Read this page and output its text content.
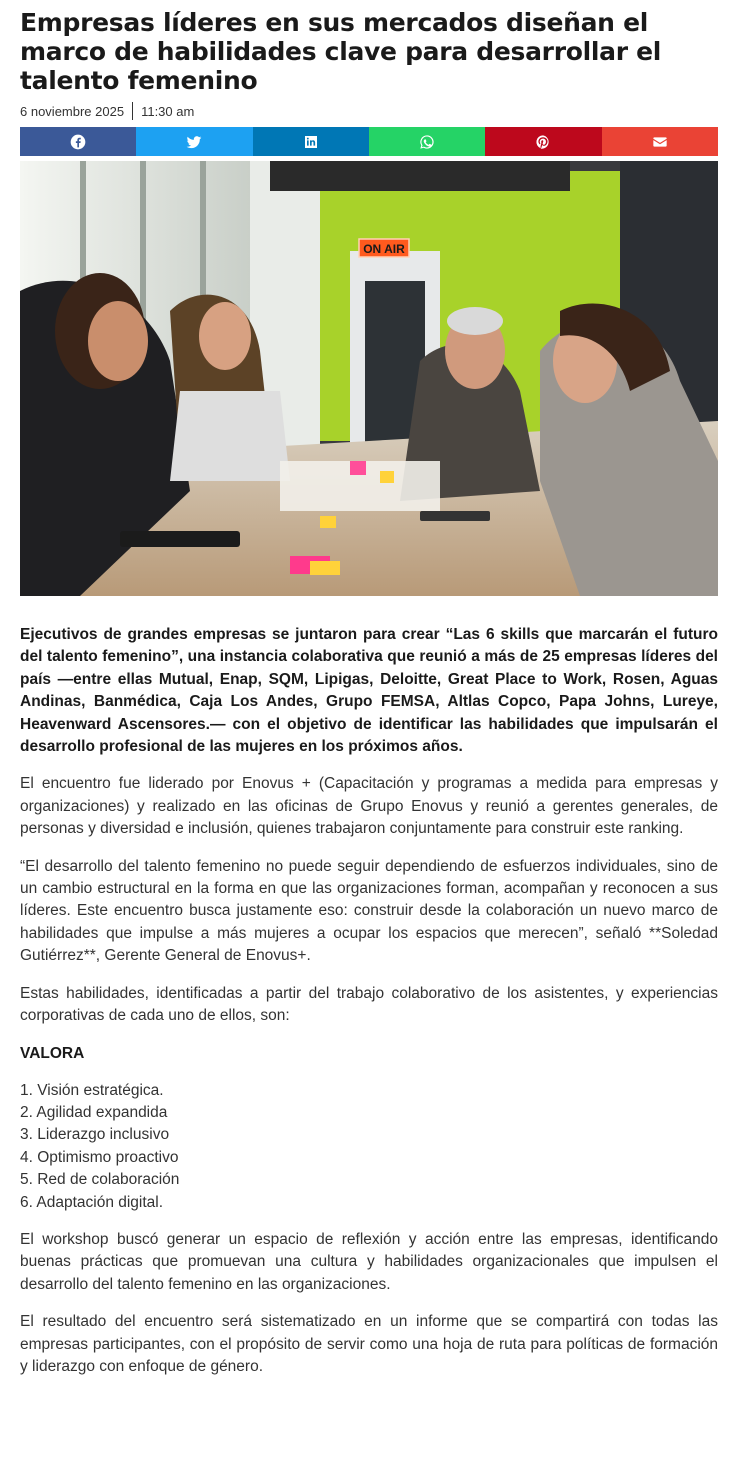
Empresas líderes en sus mercados diseñan el marco de habilidades clave para desarrollar el talento femenino
6 noviembre 2025 11:30 am
ON AIR

Ejecutivos de grandes empresas se juntaron para crear “Las 6 skills que marcarán el futuro del talento femenino”, una instancia colaborativa que reunió a más de 25 empresas líderes del país —entre ellas Mutual, Enap, SQM, Lipigas, Deloitte, Great Place to Work, Rosen, Aguas Andinas, Banmédica, Caja Los Andes, Grupo FEMSA, Altlas Copco, Papa Johns, Lureye, Heavenward Ascensores.— con el objetivo de identificar las habilidades que impulsarán el desarrollo profesional de las mujeres en los próximos años.

El encuentro fue liderado por Enovus + (Capacitación y programas a medida para empresas y organizaciones) y realizado en las oficinas de Grupo Enovus y reunió a gerentes generales, de personas y diversidad e inclusión, quienes trabajaron conjuntamente para construir este ranking.

“El desarrollo del talento femenino no puede seguir dependiendo de esfuerzos individuales, sino de un cambio estructural en la forma en que las organizaciones forman, acompañan y reconocen a sus líderes. Este encuentro busca justamente eso: construir desde la colaboración un nuevo marco de habilidades que impulse a más mujeres a ocupar los espacios que merecen”, señaló **Soledad Gutiérrez**, Gerente General de Enovus+.

Estas habilidades, identificadas a partir del trabajo colaborativo de los asistentes, y experiencias corporativas de cada uno de ellos, son:

VALORA
1. Visión estratégica.
2. Agilidad expandida
3. Liderazgo inclusivo
4. Optimismo proactivo
5. Red de colaboración
6. Adaptación digital.

El workshop buscó generar un espacio de reflexión y acción entre las empresas, identificando buenas prácticas que promuevan una cultura y habilidades organizacionales que impulsen el desarrollo del talento femenino en las organizaciones.

El resultado del encuentro será sistematizado en un informe que se compartirá con todas las empresas participantes, con el propósito de servir como una hoja de ruta para políticas de formación y liderazgo con enfoque de género.
